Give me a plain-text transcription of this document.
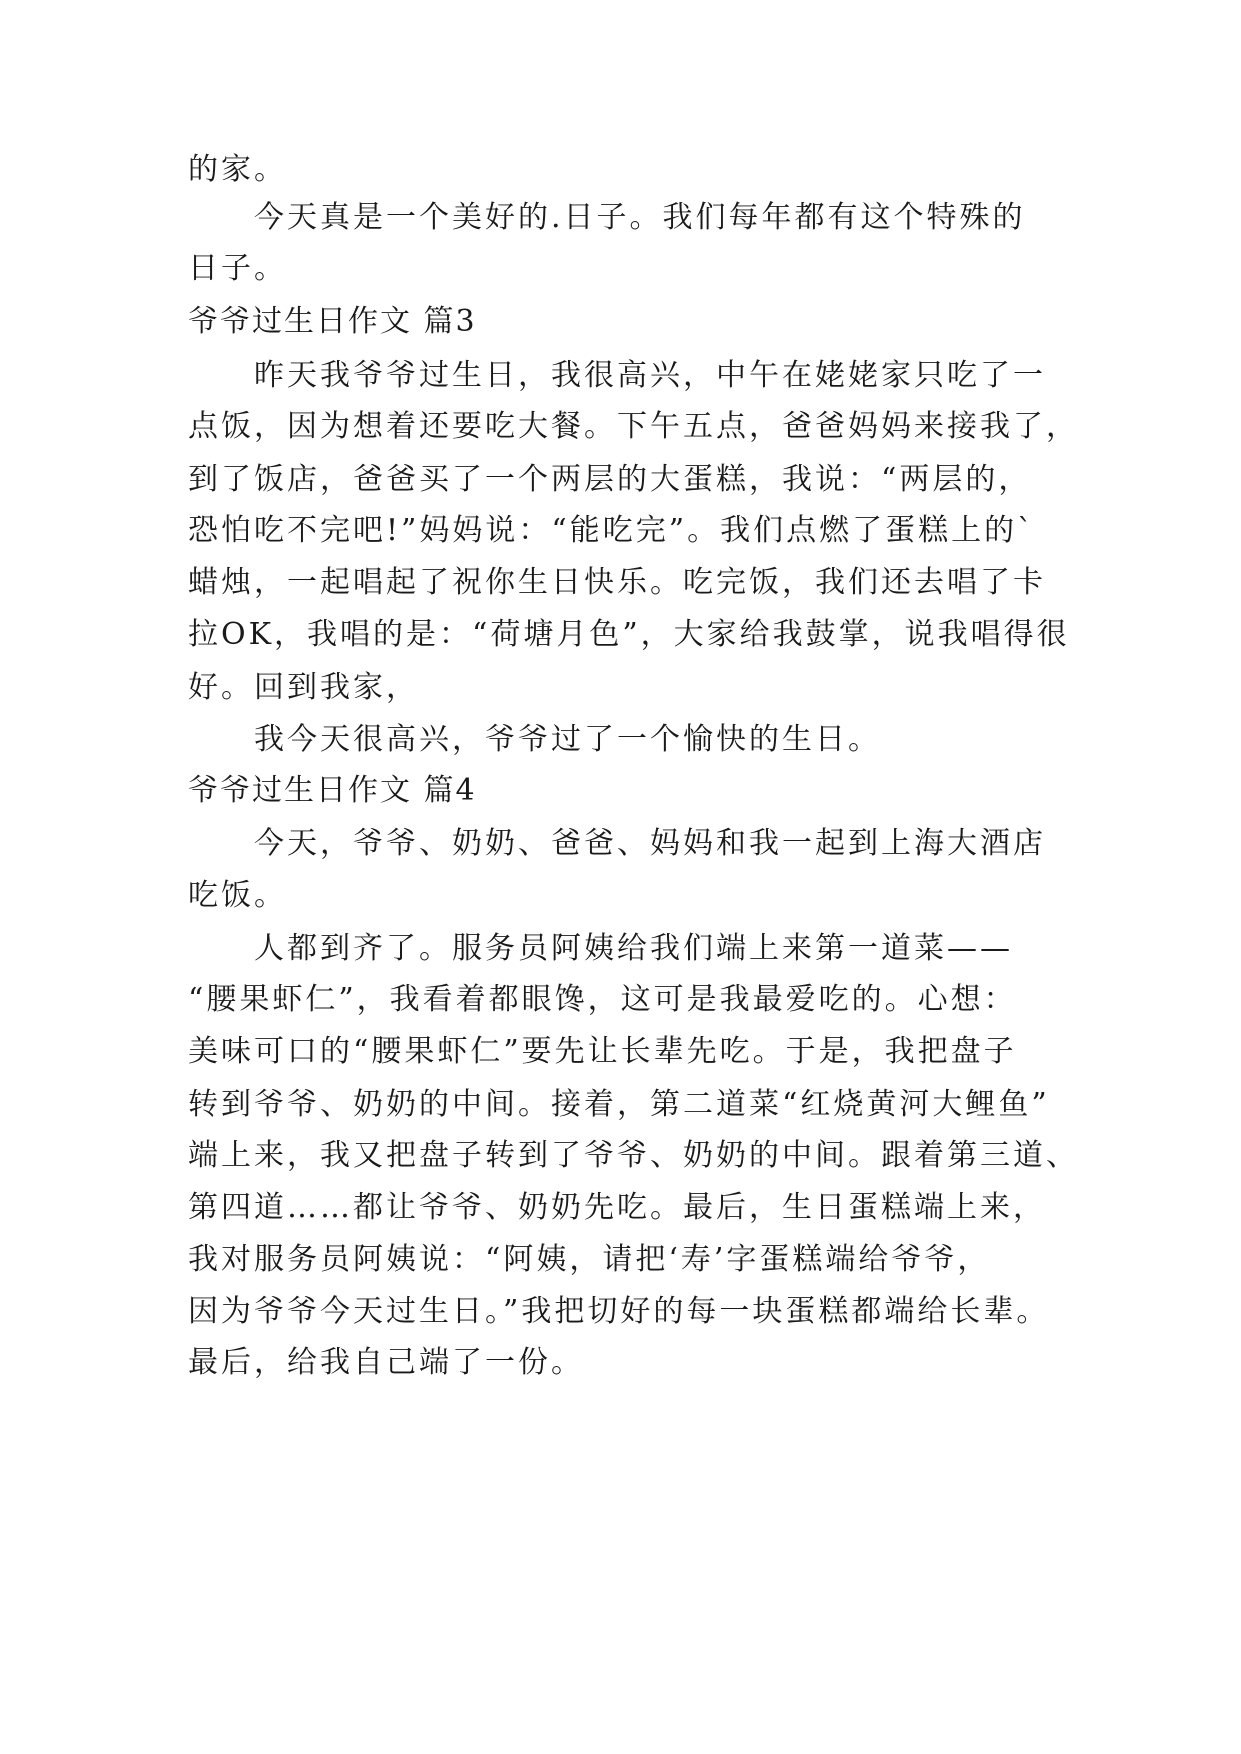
的家。
今天真是一个美好的.日子。我们每年都有这个特殊的
日子。
爷爷过生日作文 篇3
昨天我爷爷过生日，我很高兴，中午在姥姥家只吃了一
点饭，因为想着还要吃大餐。下午五点，爸爸妈妈来接我了，
到了饭店，爸爸买了一个两层的大蛋糕，我说：“两层的，
恐怕吃不完吧!”妈妈说：“能吃完”。我们点燃了蛋糕上的`
蜡烛，一起唱起了祝你生日快乐。吃完饭，我们还去唱了卡
拉OK，我唱的是：“荷塘月色”，大家给我鼓掌，说我唱得很
好。回到我家，
我今天很高兴，爷爷过了一个愉快的生日。
爷爷过生日作文 篇4
今天，爷爷、奶奶、爸爸、妈妈和我一起到上海大酒店
吃饭。
人都到齐了。服务员阿姨给我们端上来第一道菜——
“腰果虾仁”，我看着都眼馋，这可是我最爱吃的。心想：
美味可口的“腰果虾仁”要先让长辈先吃。于是，我把盘子
转到爷爷、奶奶的中间。接着，第二道菜“红烧黄河大鲤鱼”
端上来，我又把盘子转到了爷爷、奶奶的中间。跟着第三道、
第四道……都让爷爷、奶奶先吃。最后，生日蛋糕端上来，
我对服务员阿姨说：“阿姨，请把‘寿’字蛋糕端给爷爷，
因为爷爷今天过生日。”我把切好的每一块蛋糕都端给长辈。
最后，给我自己端了一份。
